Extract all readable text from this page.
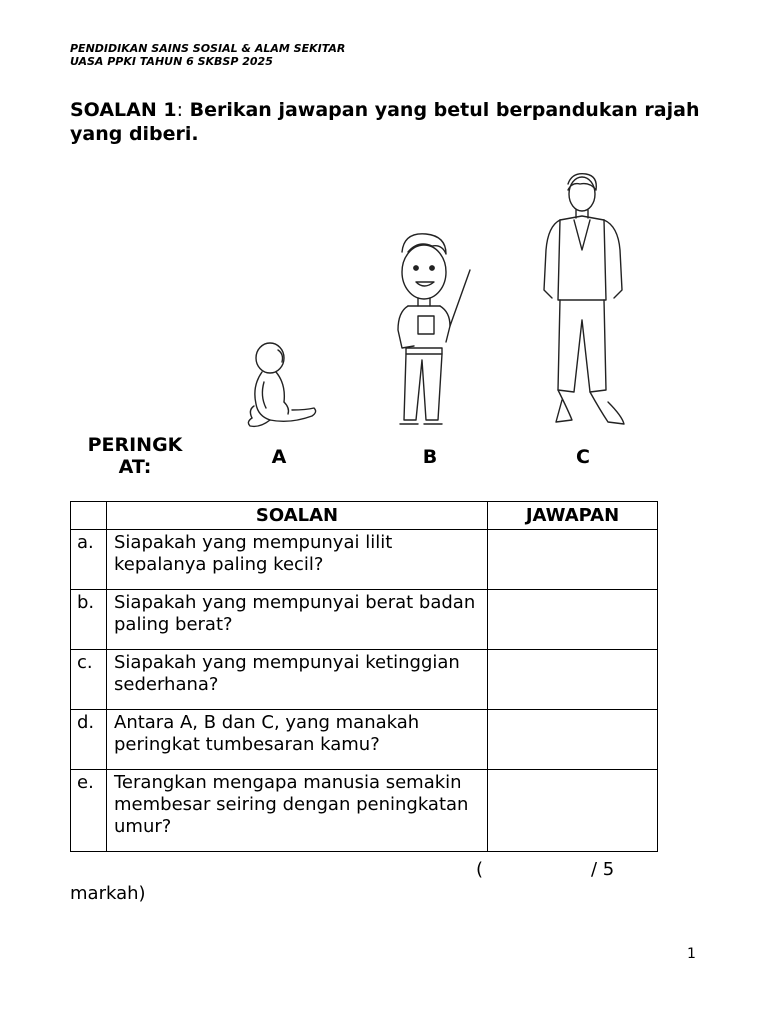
PENDIDIKAN SAINS SOSIAL & ALAM SEKITAR
UASA PPKI TAHUN 6 SKBSP 2025
SOALAN 1: Berikan jawapan yang betul berpandukan rajah yang diberi.
PERINGK
AT:	A	B	C
	SOALAN	JAWAPAN
a.	Siapakah yang mempunyai lilit kepalanya paling kecil?	
b.	Siapakah yang mempunyai berat badan paling berat?	
c.	Siapakah yang mempunyai ketinggian sederhana?	
d.	Antara A, B dan C, yang manakah peringkat tumbesaran kamu?	
e.	Terangkan mengapa manusia semakin membesar seiring dengan peningkatan umur?	
(	/ 5
markah)
1
